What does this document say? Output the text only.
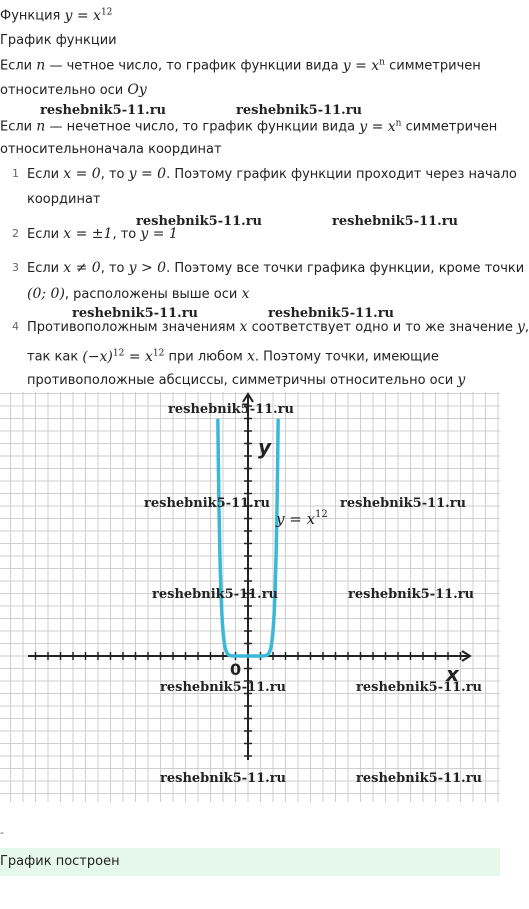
Функция $y = x^{12}$
График функции
Если n — четное число, то график функции вида $y = x^n$ симметричен
относительно оси Oy
Если n — нечетное число, то график функции вида $y = x^n$ симметричен
относительноначала координат
1 Если x = 0, то y = 0. Поэтому график функции проходит через начало
координат
2 Если x = ±1, то y = 1
3 Если x ≠ 0, то y > 0. Поэтому все точки графика функции, кроме точки
(0; 0), расположены выше оси x
4 Противоположным значениям x соответствует одно и то же значение y,
так как $(-x)^{12} = x^{12}$ при любом x. Поэтому точки, имеющие
противоположные абсциссы, симметричны относительно оси y
y
x
0
$y = x^{12}$
reshebnik5-11.ru	reshebnik5-11.ru
reshebnik5-11.ru	reshebnik5-11.ru
reshebnik5-11.ru	reshebnik5-11.ru
reshebnik5-11.ru
reshebnik5-11.ru	reshebnik5-11.ru
reshebnik5-11.ru	reshebnik5-11.ru
reshebnik5-11.ru	reshebnik5-11.ru
reshebnik5-11.ru	reshebnik5-11.ru
-
График построен
